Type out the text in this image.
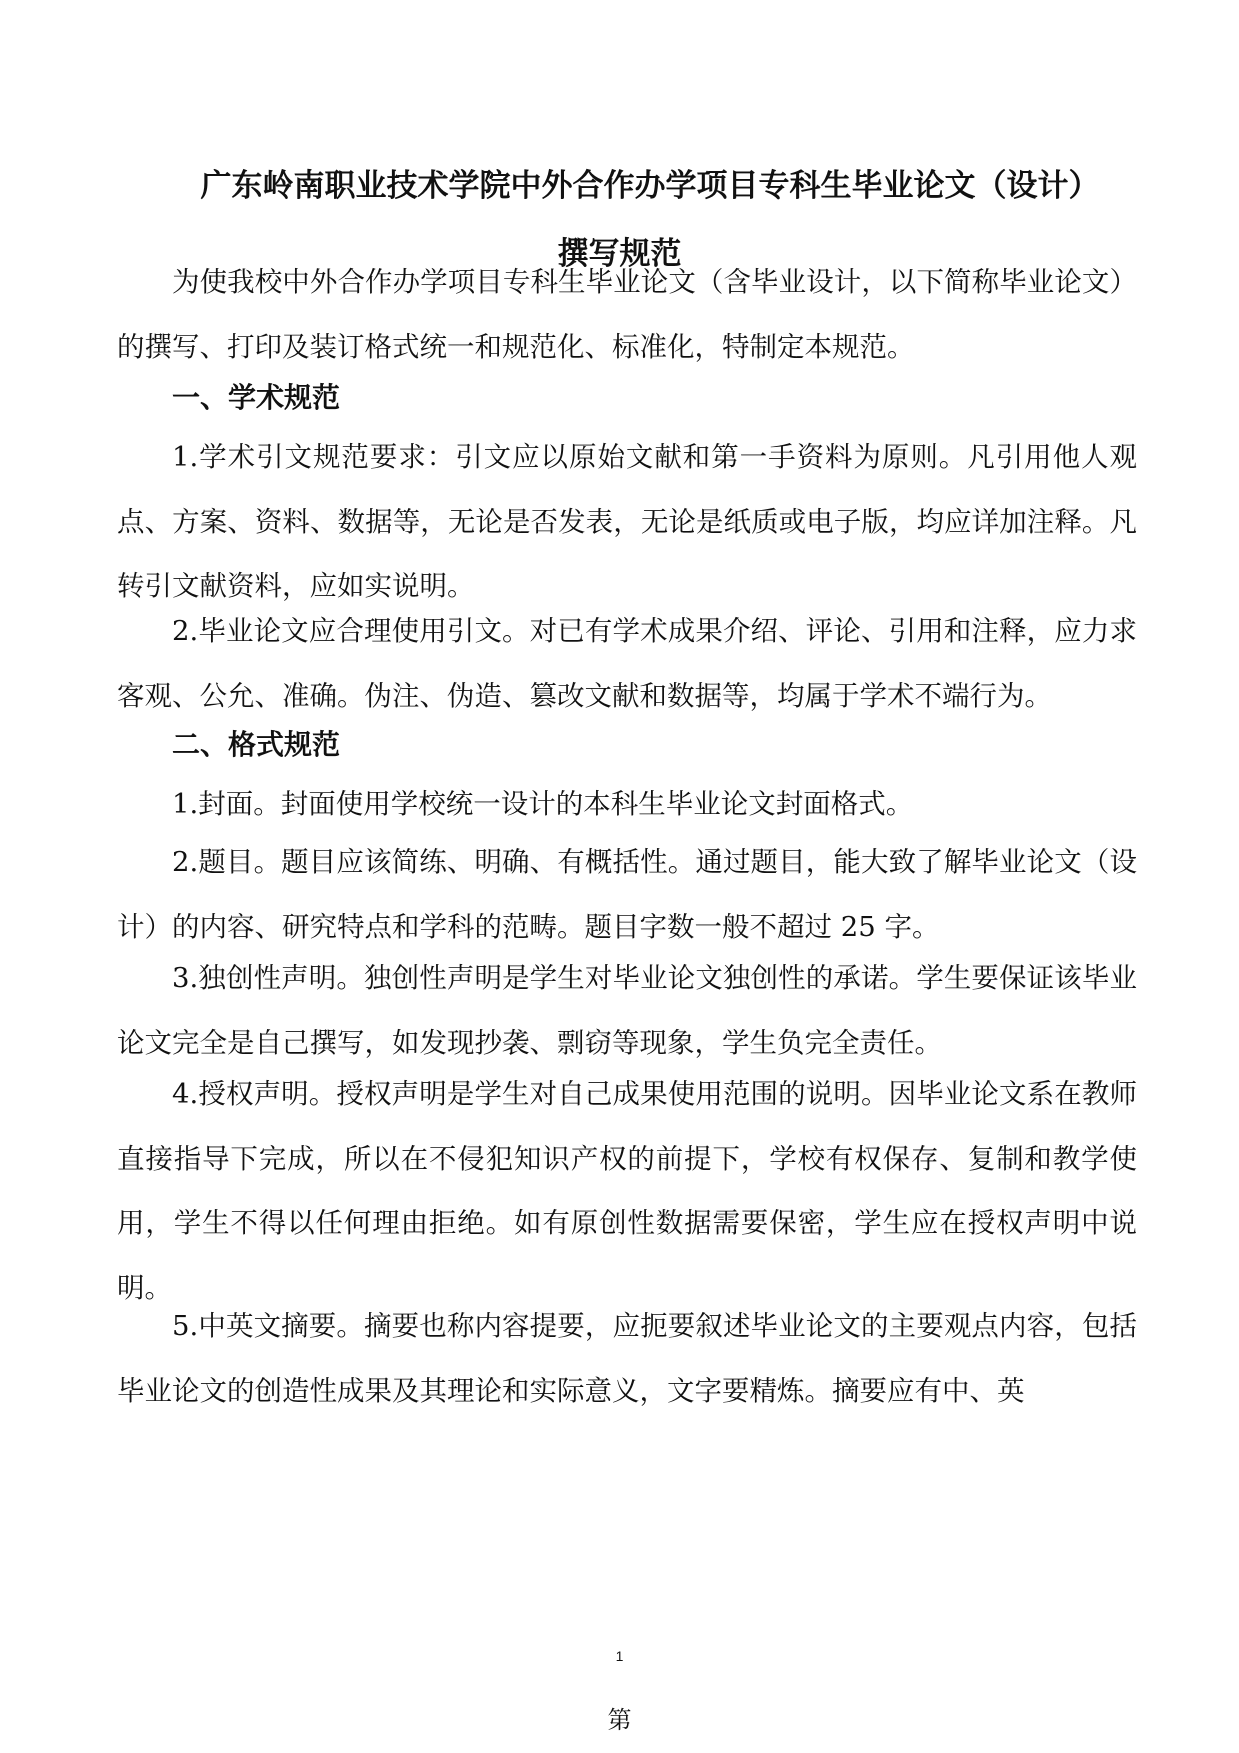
广东岭南职业技术学院中外合作办学项目专科生毕业论文（设计）
撰写规范

为使我校中外合作办学项目专科生毕业论文（含毕业设计，以下简称毕业论文）的撰写、打印及装订格式统一和规范化、标准化，特制定本规范。

一、学术规范

1.学术引文规范要求：引文应以原始文献和第一手资料为原则。凡引用他人观点、方案、资料、数据等，无论是否发表，无论是纸质或电子版，均应详加注释。凡转引文献资料，应如实说明。

2.毕业论文应合理使用引文。对已有学术成果介绍、评论、引用和注释，应力求客观、公允、准确。伪注、伪造、篡改文献和数据等，均属于学术不端行为。

二、格式规范

1.封面。封面使用学校统一设计的本科生毕业论文封面格式。

2.题目。题目应该简练、明确、有概括性。通过题目，能大致了解毕业论文（设计）的内容、研究特点和学科的范畴。题目字数一般不超过 25 字。

3.独创性声明。独创性声明是学生对毕业论文独创性的承诺。学生要保证该毕业论文完全是自己撰写，如发现抄袭、剽窃等现象，学生负完全责任。

4.授权声明。授权声明是学生对自己成果使用范围的说明。因毕业论文系在教师直接指导下完成，所以在不侵犯知识产权的前提下，学校有权保存、复制和教学使用，学生不得以任何理由拒绝。如有原创性数据需要保密，学生应在授权声明中说明。

5.中英文摘要。摘要也称内容提要，应扼要叙述毕业论文的主要观点内容，包括毕业论文的创造性成果及其理论和实际意义，文字要精炼。摘要应有中、英

1
第
